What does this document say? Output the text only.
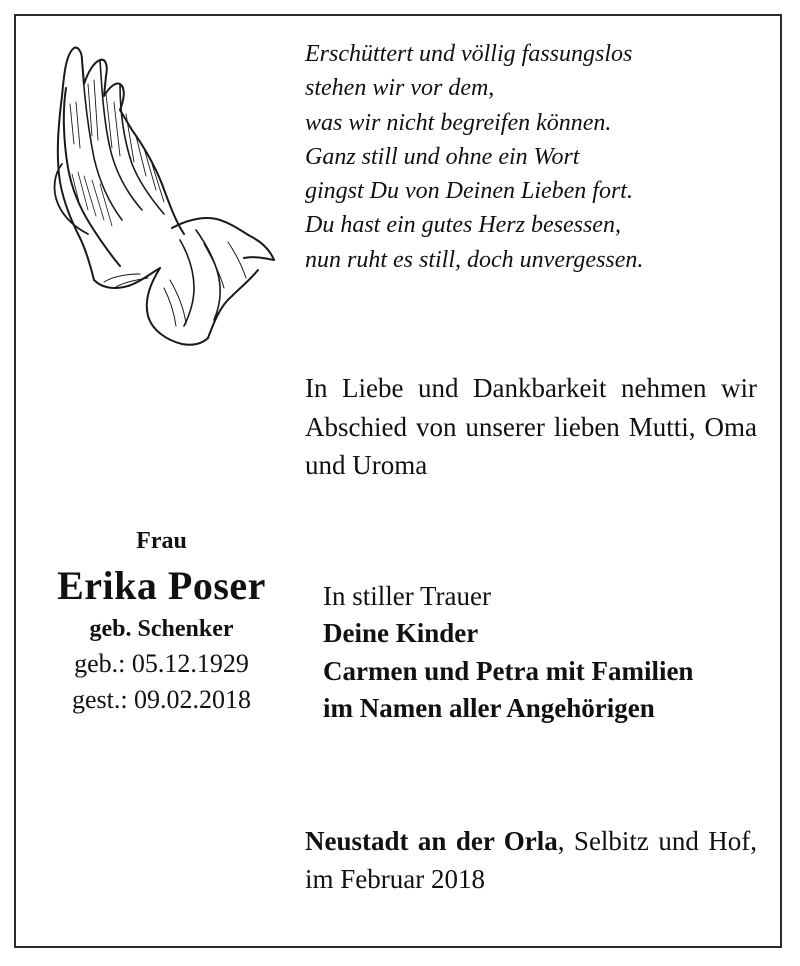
Erschüttert und völlig fassungslos
stehen wir vor dem,
was wir nicht begreifen können.
Ganz still und ohne ein Wort
gingst Du von Deinen Lieben fort.
Du hast ein gutes Herz besessen,
nun ruht es still, doch unvergessen.
In Liebe und Dankbarkeit nehmen wir Abschied von unserer lieben Mutti, Oma und Uroma
Frau
Erika Poser
geb. Schenker
geb.: 05.12.1929
gest.: 09.02.2018
In stiller Trauer
Deine Kinder
Carmen und Petra mit Familien
im Namen aller Angehörigen
Neustadt an der Orla, Selbitz und Hof, im Februar 2018
